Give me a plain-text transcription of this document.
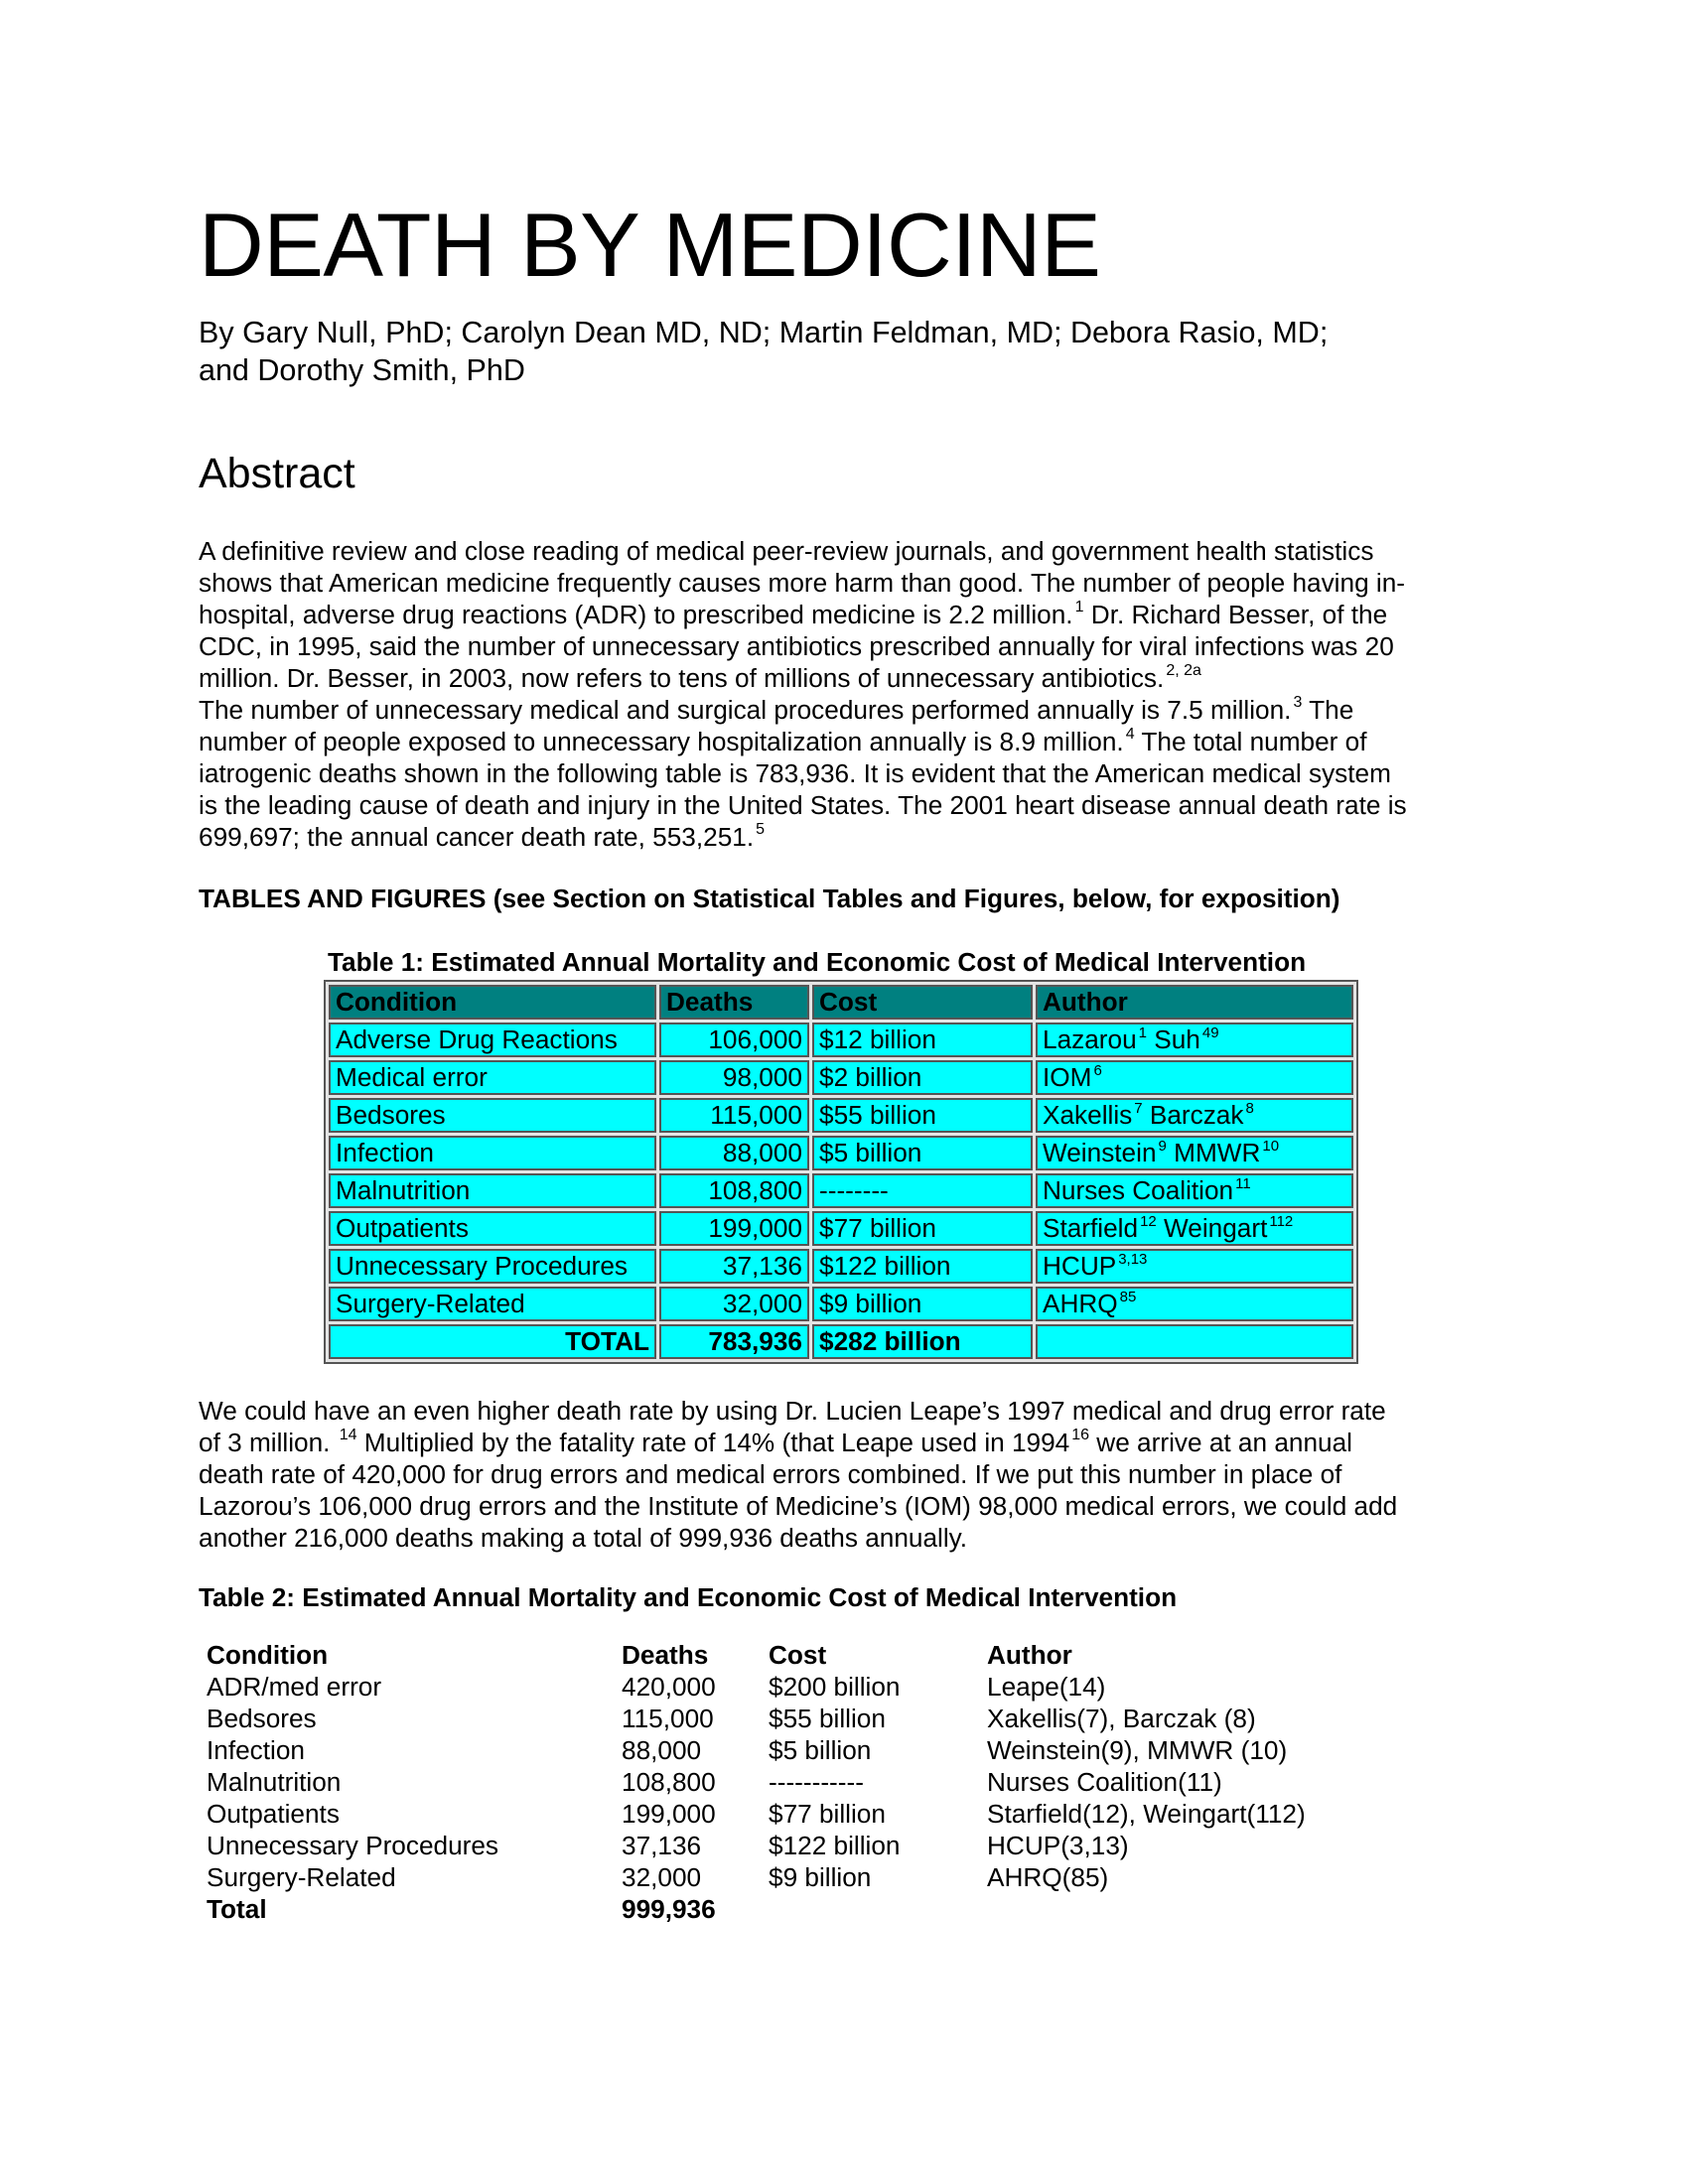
DEATH BY MEDICINE

By Gary Null, PhD; Carolyn Dean MD, ND; Martin Feldman, MD; Debora Rasio, MD;
and Dorothy Smith, PhD

Abstract
A definitive review and close reading of medical peer-review journals, and government health statistics
shows that American medicine frequently causes more harm than good. The number of people having in-
hospital, adverse drug reactions (ADR) to prescribed medicine is 2.2 million. $^1$ Dr. Richard Besser, of the
CDC, in 1995, said the number of unnecessary antibiotics prescribed annually for viral infections was 20
million. Dr. Besser, in 2003, now refers to tens of millions of unnecessary antibiotics. $^{2, 2a}$
The number of unnecessary medical and surgical procedures performed annually is 7.5 million. $^3$ The
number of people exposed to unnecessary hospitalization annually is 8.9 million. $^4$ The total number of
iatrogenic deaths shown in the following table is 783,936. It is evident that the American medical system
is the leading cause of death and injury in the United States. The 2001 heart disease annual death rate is
699,697; the annual cancer death rate, 553,251. $^5$

TABLES AND FIGURES (see Section on Statistical Tables and Figures, below, for exposition)

Table 1: Estimated Annual Mortality and Economic Cost of Medical Intervention
Condition	Deaths	Cost	Author
Adverse Drug Reactions	106,000	$12 billion	Lazarou $^1$ Suh $^{49}$
Medical error	98,000	$2 billion	IOM $^6$
Bedsores	115,000	$55 billion	Xakellis $^7$ Barczak $^8$
Infection	88,000	$5 billion	Weinstein $^9$ MMWR $^{10}$
Malnutrition	108,800	--------	Nurses Coalition $^{11}$
Outpatients	199,000	$77 billion	Starfield $^{12}$ Weingart $^{112}$
Unnecessary Procedures	37,136	$122 billion	HCUP $^{3,13}$
Surgery-Related	32,000	$9 billion	AHRQ $^{85}$
TOTAL	783,936	$282 billion	
We could have an even higher death rate by using Dr. Lucien Leape’s 1997 medical and drug error rate
of 3 million. $^{14}$ Multiplied by the fatality rate of 14% (that Leape used in 1994 $^{16}$ we arrive at an annual
death rate of 420,000 for drug errors and medical errors combined. If we put this number in place of
Lazorou’s 106,000 drug errors and the Institute of Medicine’s (IOM) 98,000 medical errors, we could add
another 216,000 deaths making a total of 999,936 deaths annually.

Table 2: Estimated Annual Mortality and Economic Cost of Medical Intervention

Condition	Deaths Cost	Author
ADR/med error	420,000 $200 billion	Leape(14)
Bedsores	115,000 $55 billion	Xakellis(7), Barczak (8)
Infection	88,000	$5 billion	Weinstein(9), MMWR (10)
Malnutrition	108,800 -----------	Nurses Coalition(11)
Outpatients	199,000 $77 billion	Starfield(12), Weingart(112)
Unnecessary Procedures	37,136	$122 billion	HCUP(3,13)
Surgery-Related	32,000	$9 billion	AHRQ(85)
Total	999,936
